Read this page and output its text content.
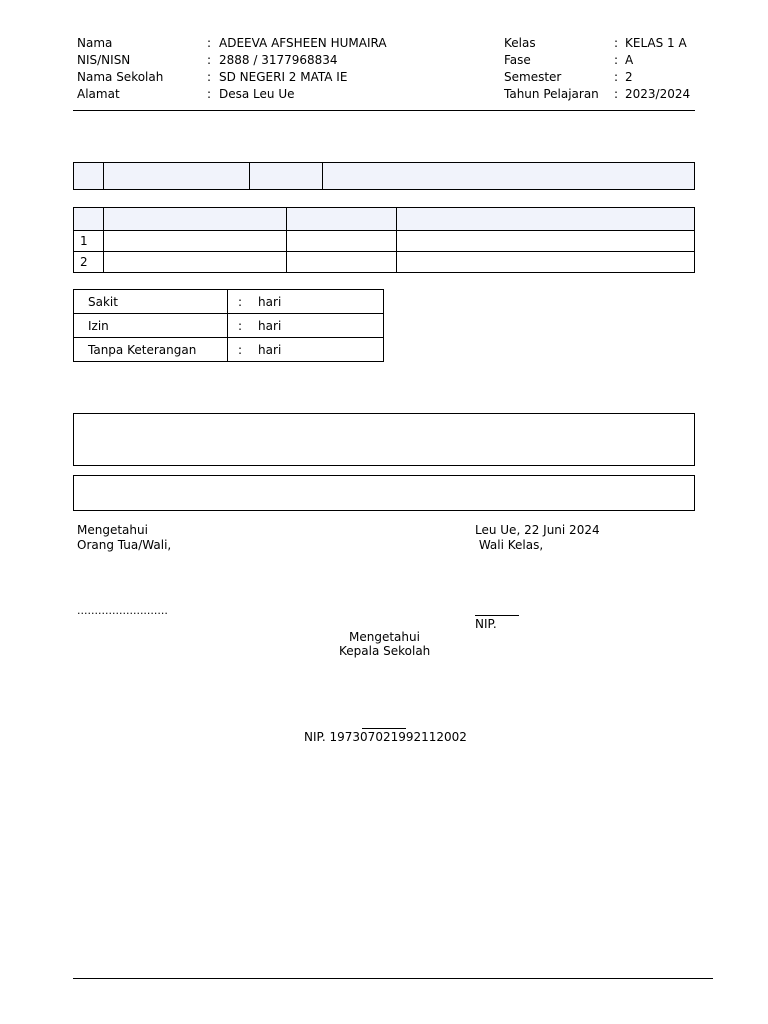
Nama	: ADEEVA AFSHEEN HUMAIRA
NIS/NISN	: 2888 / 3177968834
Nama Sekolah	: SD NEGERI 2 MATA IE
Alamat	: Desa Leu Ue
Kelas	: KELAS 1 A
Fase	: A
Semester	: 2
Tahun Pelajaran : 2023/2024

1			
2			
Sakit	: hari
Izin	: hari
Tanpa Keterangan	: hari
Mengetahui
Orang Tua/Wali,
..........................
Leu Ue, 22 Juni 2024
Wali Kelas,
NIP.
Mengetahui
Kepala Sekolah
NIP. 197307021992112002
